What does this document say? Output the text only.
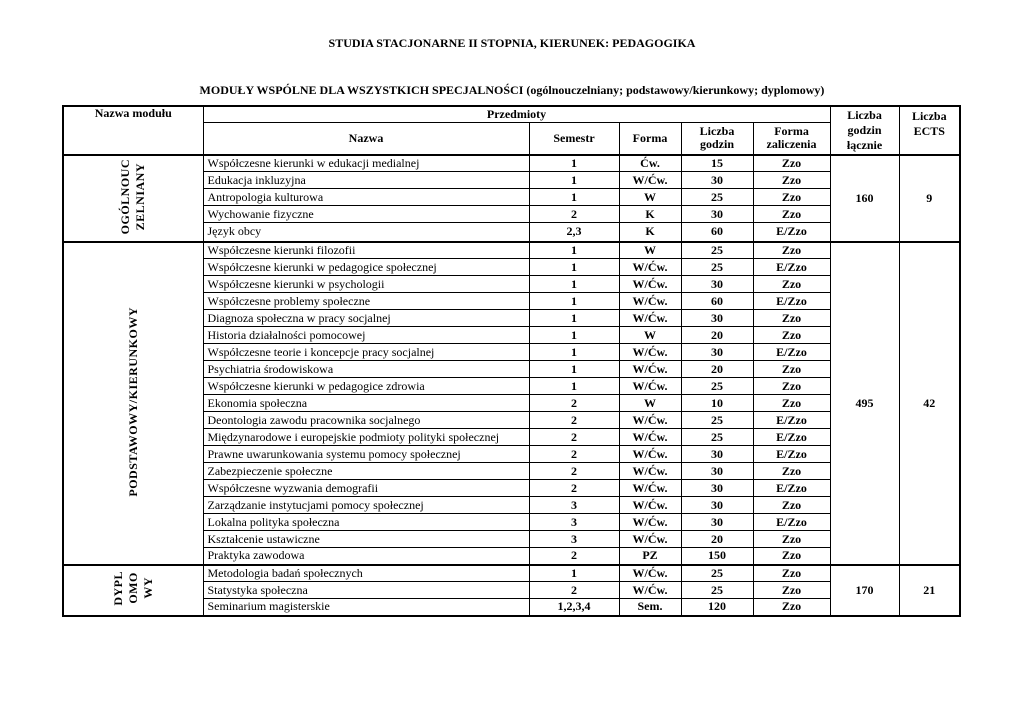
STUDIA STACJONARNE II STOPNIA, KIERUNEK: PEDAGOGIKA
MODUŁY WSPÓLNE DLA WSZYSTKICH SPECJALNOŚCI (ogólnouczelniany; podstawowy/kierunkowy; dyplomowy)
Nazwa modułu	Przedmioty					Liczba godzin łącznie	Liczba ECTS
	Nazwa	Semestr	Forma	Liczba godzin	Forma zaliczenia		
OGÓLNOUC
ZELNIANY	Współczesne kierunki w edukacji medialnej	1	Ćw.	15	Zzo	160	9
	Edukacja inkluzyjna	1	W/Ćw.	30	Zzo		
	Antropologia kulturowa	1	W	25	Zzo		
	Wychowanie fizyczne	2	K	30	Zzo		
	Język obcy	2,3	K	60	E/Zzo		
PODSTAWOWY/KIERUNKOWY	Współczesne kierunki filozofii	1	W	25	Zzo	495	42
	Współczesne kierunki w pedagogice społecznej	1	W/Ćw.	25	E/Zzo		
	Współczesne kierunki w psychologii	1	W/Ćw.	30	Zzo		
	Współczesne problemy społeczne	1	W/Ćw.	60	E/Zzo		
	Diagnoza społeczna w pracy socjalnej	1	W/Ćw.	30	Zzo		
	Historia działalności pomocowej	1	W	20	Zzo		
	Współczesne teorie i koncepcje pracy socjalnej	1	W/Ćw.	30	E/Zzo		
	Psychiatria środowiskowa	1	W/Ćw.	20	Zzo		
	Współczesne kierunki w pedagogice zdrowia	1	W/Ćw.	25	Zzo		
	Ekonomia społeczna	2	W	10	Zzo		
	Deontologia zawodu pracownika socjalnego	2	W/Ćw.	25	E/Zzo		
	Międzynarodowe i europejskie podmioty polityki społecznej	2	W/Ćw.	25	E/Zzo		
	Prawne uwarunkowania systemu pomocy społecznej	2	W/Ćw.	30	E/Zzo		
	Zabezpieczenie społeczne	2	W/Ćw.	30	Zzo		
	Współczesne wyzwania demografii	2	W/Ćw.	30	E/Zzo		
	Zarządzanie instytucjami pomocy społecznej	3	W/Ćw.	30	Zzo		
	Lokalna polityka społeczna	3	W/Ćw.	30	E/Zzo		
	Kształcenie ustawiczne	3	W/Ćw.	20	Zzo		
	Praktyka zawodowa	2	PZ	150	Zzo		
DYPL
OMO
WY	Metodologia badań społecznych	1	W/Ćw.	25	Zzo	170	21
	Statystyka społeczna	2	W/Ćw.	25	Zzo		
	Seminarium magisterskie	1,2,3,4	Sem.	120	Zzo		
